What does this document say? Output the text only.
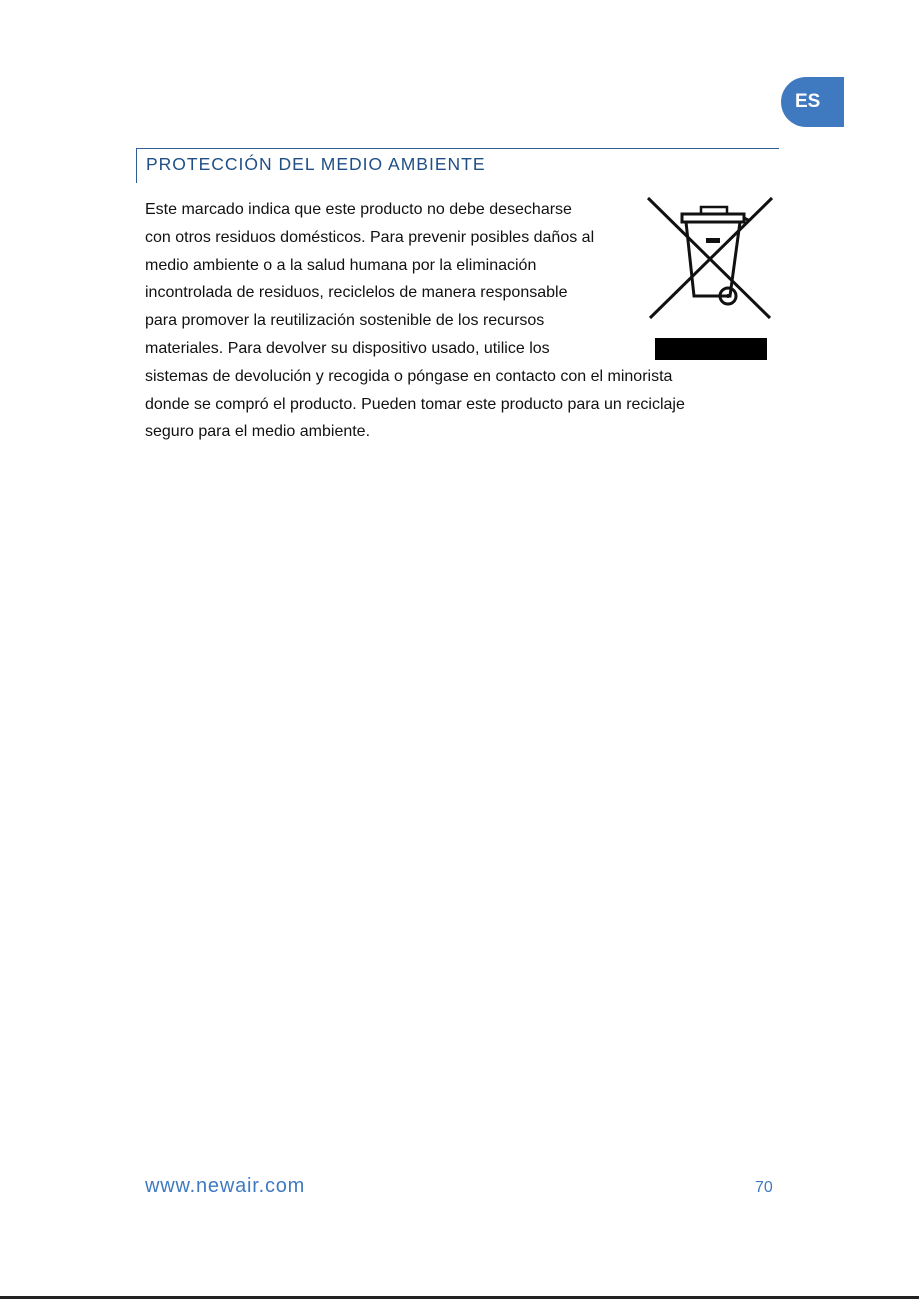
ES
PROTECCIÓN DEL MEDIO AMBIENTE
Este marcado indica que este producto no debe desecharse
con otros residuos domésticos. Para prevenir posibles daños al
medio ambiente o a la salud humana por la eliminación
incontrolada de residuos, reciclelos de manera responsable
para promover la reutilización sostenible de los recursos
materiales. Para devolver su dispositivo usado, utilice los
sistemas de devolución y recogida o póngase en contacto con el minorista
donde se compró el producto. Pueden tomar este producto para un reciclaje
seguro para el medio ambiente.
www.newair.com	70
